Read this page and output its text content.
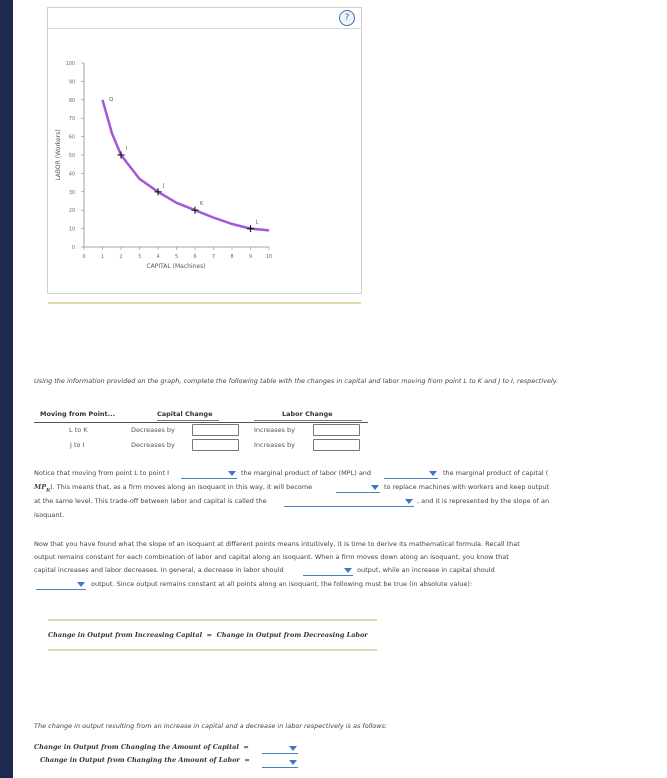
?
0
10
20
30
40
50
60
70
80
90
100
0	1	2	3	4	5	6	7	8	9	10
LABOR (Workers)
CAPITAL (Machines)
Q
I
J
K
L
Using the information provided on the graph, complete the following table with the changes in capital and labor moving from point L to K and J to I, respectively.
Moving from Point...	Capital Change	Labor Change
L to K	Decreases by	Increases by
J to I	Decreases by	Increases by
Notice that moving from point L to point I	the marginal product of labor (MPL) and	the marginal product of capital (
$MP_K$ ). This means that, as a firm moves along an isoquant in this way, it will become	to replace machines with workers and keep output
at the same level. This trade-off between labor and capital is called the	, and it is represented by the slope of an
isoquant.
Now that you have found what the slope of an isoquant at different points means intuitively, it is time to derive its mathematical formula. Recall that
output remains constant for each combination of labor and capital along an isoquant. When a firm moves down along an isoquant, you know that
capital increases and labor decreases. In general, a decrease in labor should	output, while an increase in capital should
output. Since output remains constant at all points along an isoquant, the following must be true (in absolute value):
Change in Output from Increasing Capital  =  Change in Output from Decreasing Labor
The change in output resulting from an increase in capital and a decrease in labor respectively is as follows:
Change in Output from Changing the Amount of Capital  =
Change in Output from Changing the Amount of Labor  =
